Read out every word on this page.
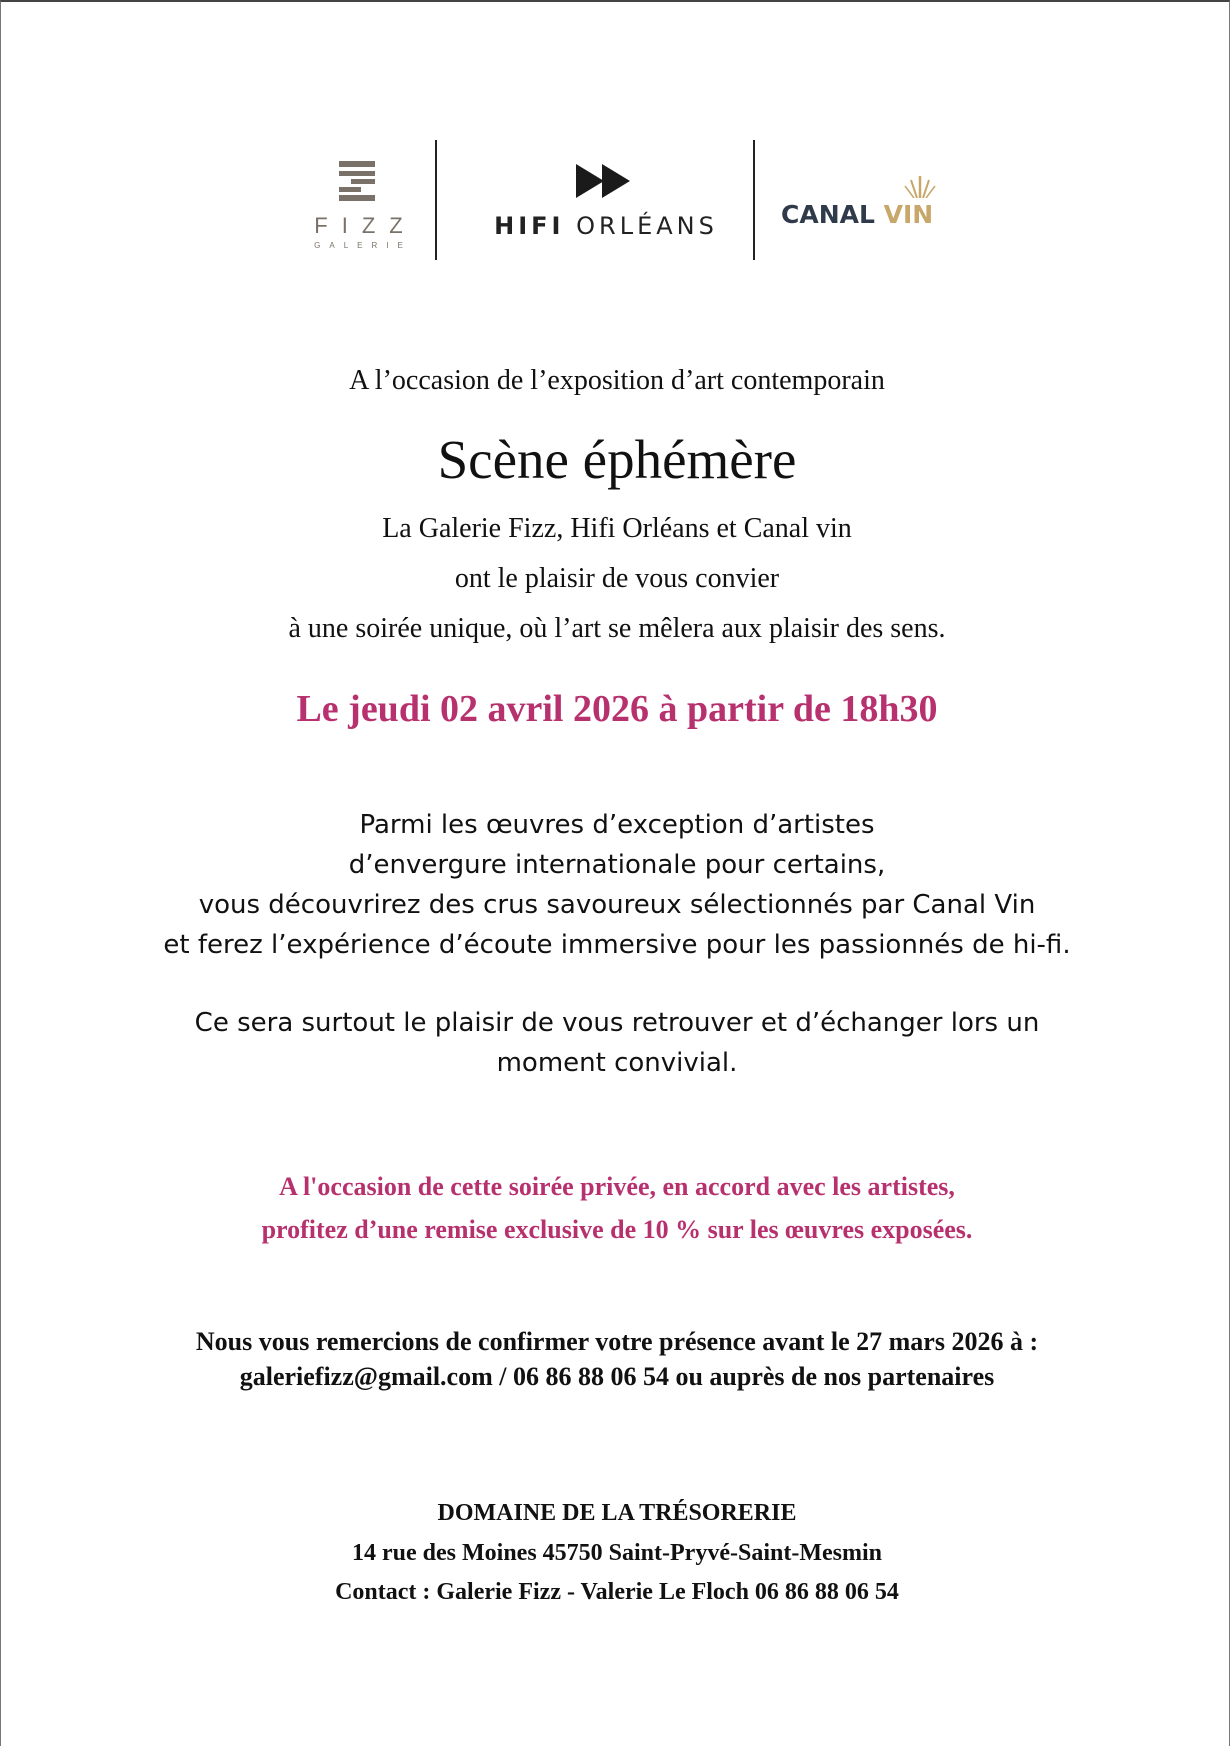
FIZZ
GALERIE
HIFI ORLÉANS	CANAL VIN
A l’occasion de l’exposition d’art contemporain
Scène éphémère
La Galerie Fizz, Hifi Orléans et Canal vin
ont le plaisir de vous convier
à une soirée unique, où l’art se mêlera aux plaisir des sens.
Le jeudi 02 avril 2026 à partir de 18h30
Parmi les œuvres d’exception d’artistes
d’envergure internationale pour certains,
vous découvrirez des crus savoureux sélectionnés par Canal Vin
et ferez l’expérience d’écoute immersive pour les passionnés de hi-fi.
Ce sera surtout le plaisir de vous retrouver et d’échanger lors un
moment convivial.
A l'occasion de cette soirée privée, en accord avec les artistes,
profitez d’une remise exclusive de 10 % sur les œuvres exposées.
Nous vous remercions de confirmer votre présence avant le 27 mars 2026 à :
galeriefizz@gmail.com / 06 86 88 06 54 ou auprès de nos partenaires
DOMAINE DE LA TRÉSORERIE
14 rue des Moines 45750 Saint-Pryvé-Saint-Mesmin
Contact : Galerie Fizz - Valerie Le Floch 06 86 88 06 54
